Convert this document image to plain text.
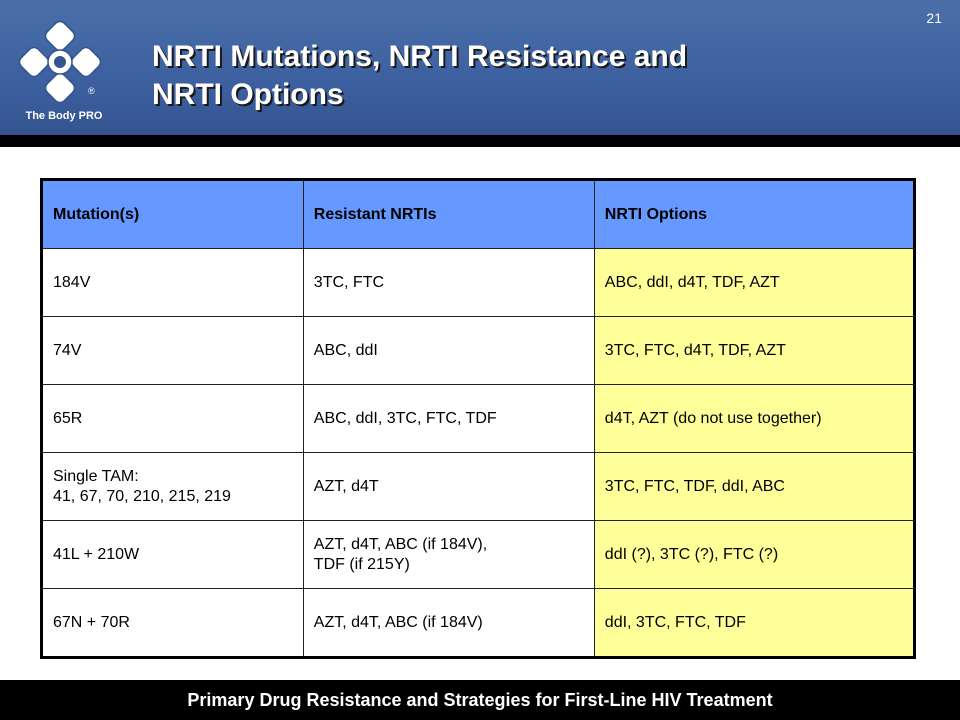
®
The Body PRO
21
NRTI Mutations, NRTI Resistance and
NRTI Options
Mutation(s)	Resistant NRTIs	NRTI Options

184V	3TC, FTC	ABC, ddI, d4T, TDF, AZT

74V	ABC, ddI	3TC, FTC, d4T, TDF, AZT

65R	ABC, ddI, 3TC, FTC, TDF	d4T, AZT (do not use together)

Single TAM:
41, 67, 70, 210, 215, 219	AZT, d4T	3TC, FTC, TDF, ddI, ABC

41L + 210W	AZT, d4T, ABC (if 184V),
TDF (if 215Y)	ddI (?), 3TC (?), FTC (?)

67N + 70R	AZT, d4T, ABC (if 184V)	ddI, 3TC, FTC, TDF
Primary Drug Resistance and Strategies for First-Line HIV Treatment
